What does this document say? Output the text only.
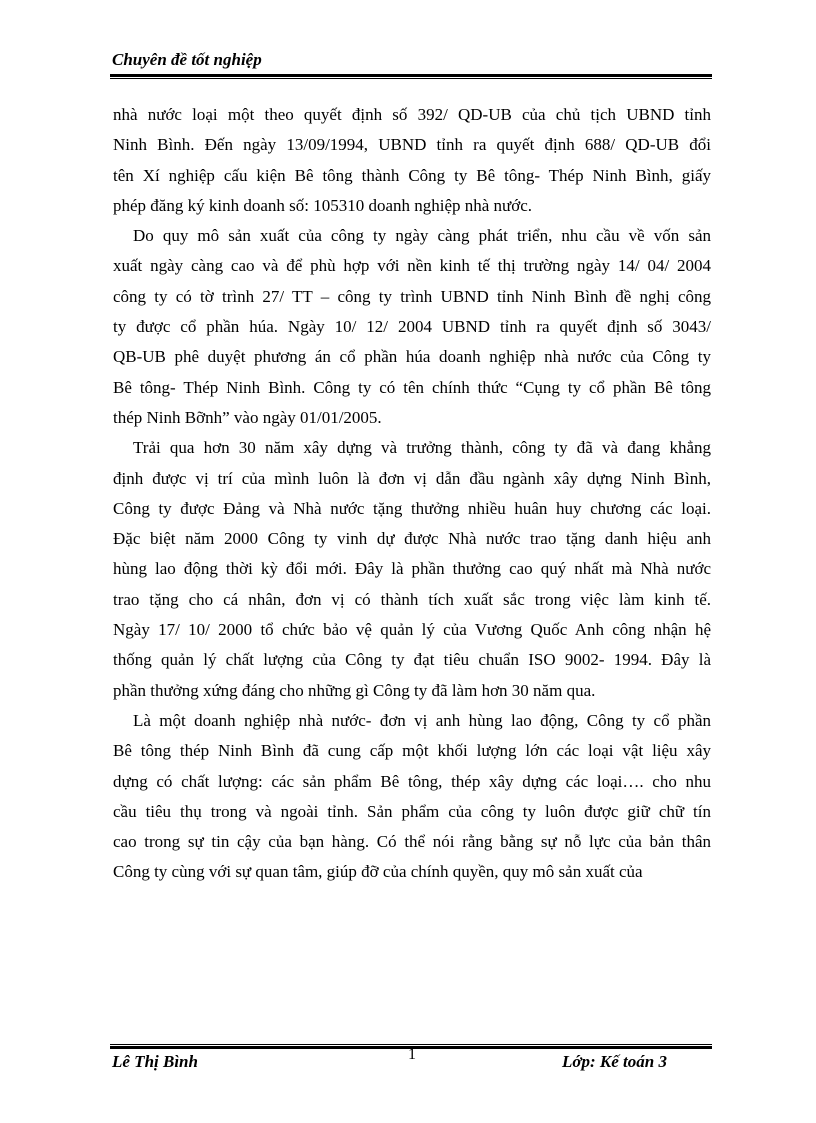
Chuyên đề tốt nghiệp
nhà nước loại một theo quyết định số 392/ QD-UB của chủ tịch UBND tỉnh
Ninh Bình. Đến ngày 13/09/1994, UBND tỉnh ra quyết định 688/ QD-UB đổi
tên Xí nghiệp cấu kiện Bê tông thành Công ty Bê tông- Thép Ninh Bình, giấy
phép đăng ký kinh doanh số: 105310 doanh nghiệp nhà nước.
Do quy mô sản xuất của công ty ngày càng phát triển, nhu cầu về vốn sản
xuất ngày càng cao và để phù hợp với nền kinh tế thị trường ngày 14/ 04/ 2004
công ty có tờ trình 27/ TT – công ty trình UBND tỉnh Ninh Bình đề nghị công
ty được cổ phần húa. Ngày 10/ 12/ 2004 UBND tỉnh ra quyết định số 3043/
QB-UB phê duyệt phương án cổ phần húa doanh nghiệp nhà nước của Công ty
Bê tông- Thép Ninh Bình. Công ty có tên chính thức “Cụng ty cổ phần Bê tông
thép Ninh Bỡnh” vào ngày 01/01/2005.
Trải qua hơn 30 năm xây dựng và trưởng thành, công ty đã và đang khẳng
định được vị trí của mình luôn là đơn vị dẫn đầu ngành xây dựng Ninh Bình,
Công ty được Đảng và Nhà nước tặng thưởng nhiều huân huy chương các loại.
Đặc biệt năm 2000 Công ty vinh dự được Nhà nước trao tặng danh hiệu anh
hùng lao động thời kỳ đổi mới. Đây là phần thưởng cao quý nhất mà Nhà nước
trao tặng cho cá nhân, đơn vị có thành tích xuất sắc trong việc làm kinh tế.
Ngày 17/ 10/ 2000 tổ chức bảo vệ quản lý của Vương Quốc Anh công nhận hệ
thống quản lý chất lượng của Công ty đạt tiêu chuẩn ISO 9002- 1994. Đây là
phần thưởng xứng đáng cho những gì Công ty đã làm hơn 30 năm qua.
Là một doanh nghiệp nhà nước- đơn vị anh hùng lao động, Công ty cổ phần
Bê tông thép Ninh Bình đã cung cấp một khối lượng lớn các loại vật liệu xây
dựng có chất lượng: các sản phẩm Bê tông, thép xây dựng các loại…. cho nhu
cầu tiêu thụ trong và ngoài tỉnh. Sản phẩm của công ty luôn được giữ chữ tín
cao trong sự tin cậy của bạn hàng. Có thể nói rằng bằng sự nỗ lực của bản thân
Công ty cùng với sự quan tâm, giúp đỡ của chính quyền, quy mô sản xuất của
Lê Thị Bình	1	Lớp: Kế toán 3
